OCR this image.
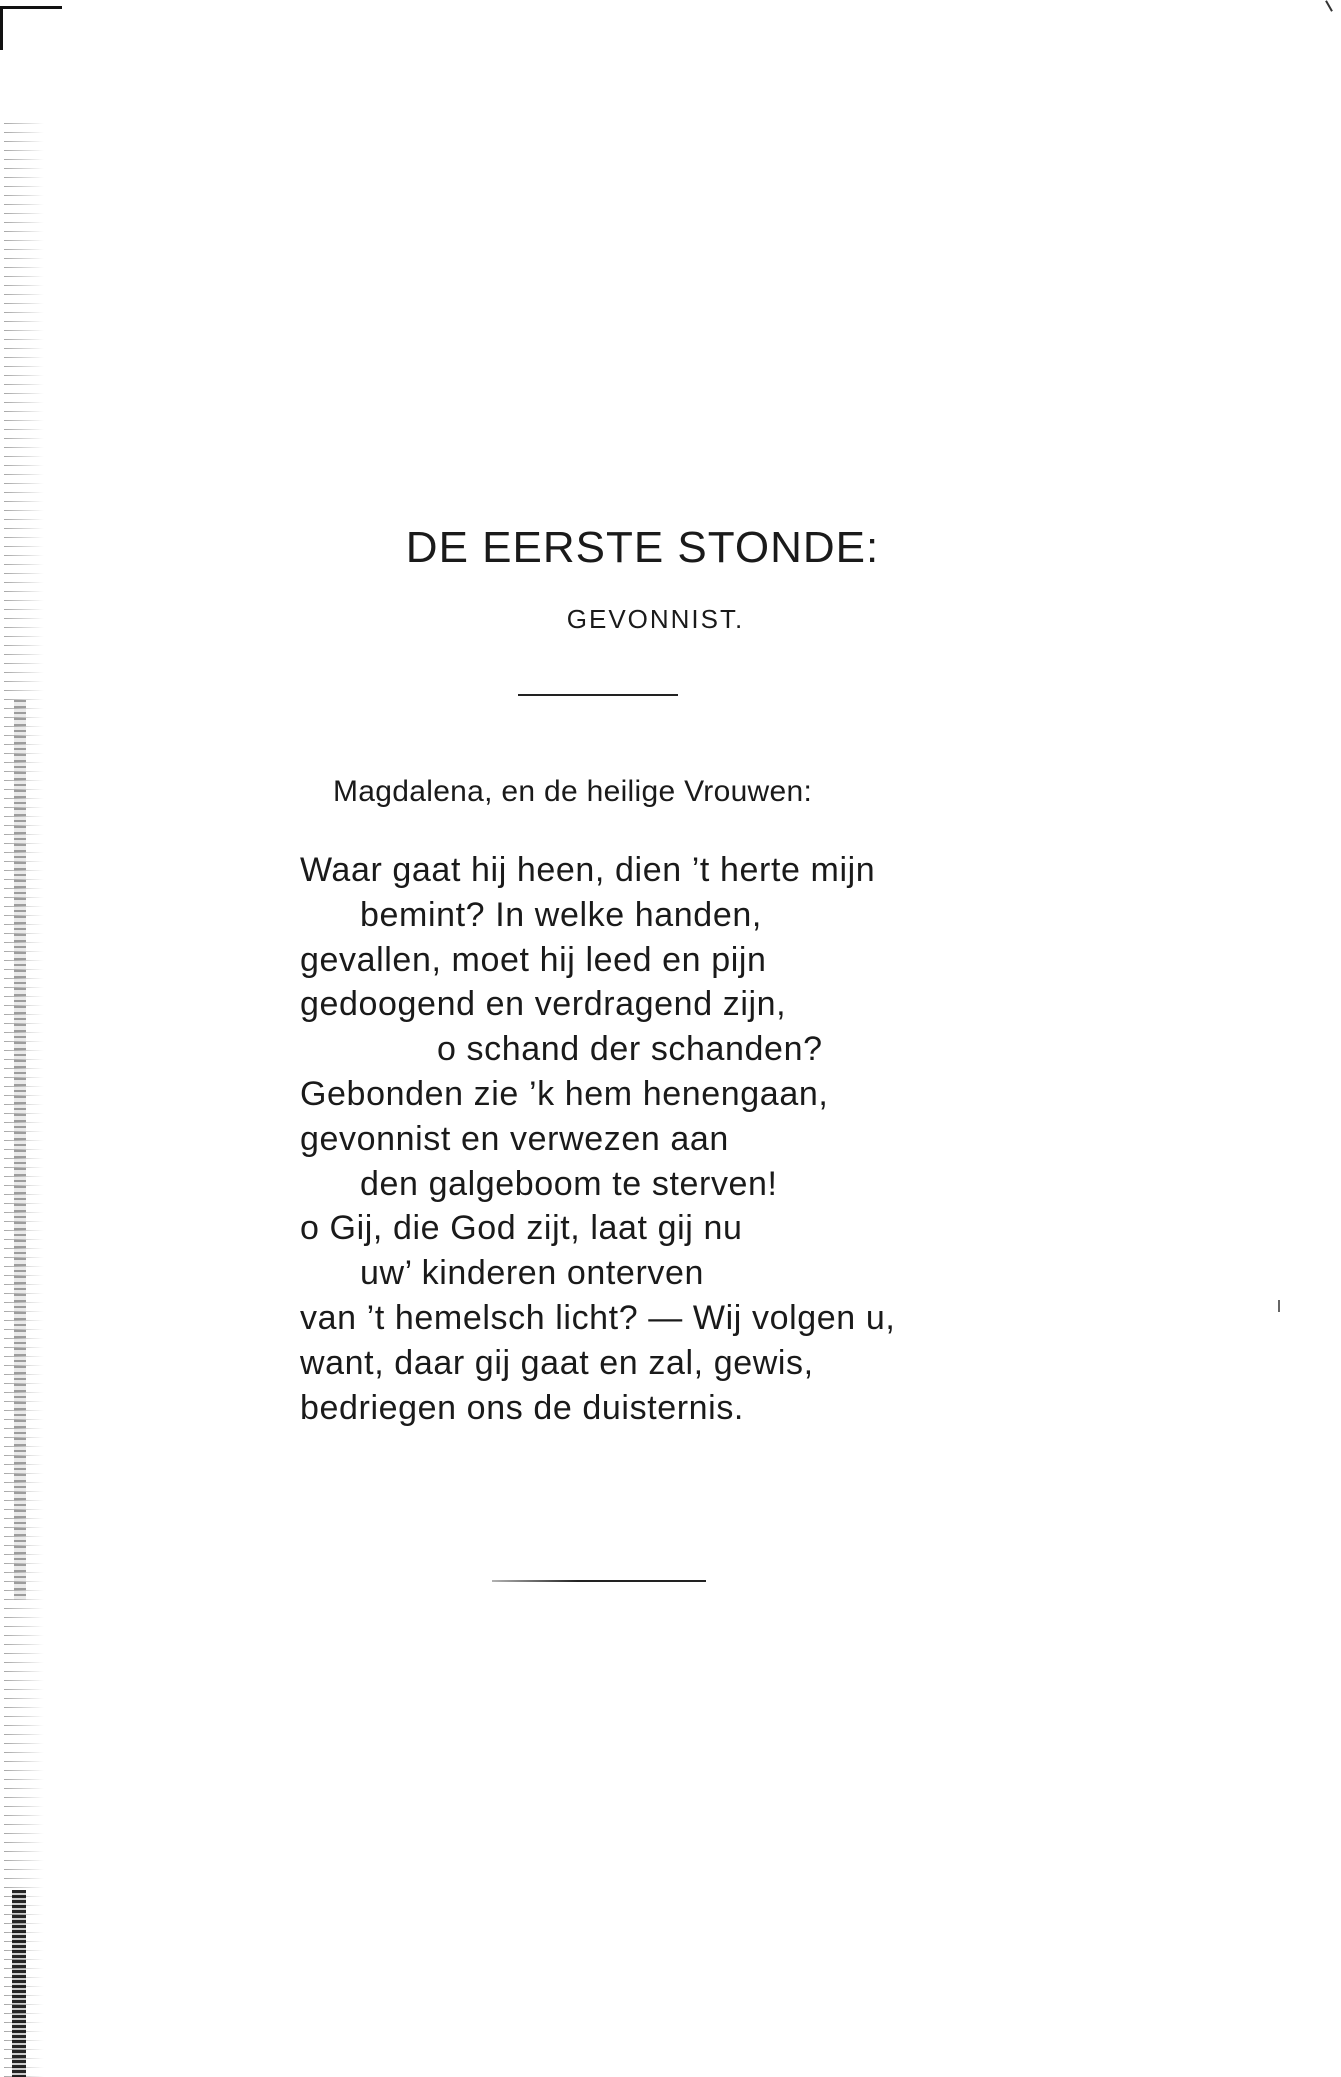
DE EERSTE STONDE:
GEVONNIST.
Magdalena, en de heilige Vrouwen:
Waar gaat hij heen, dien ’t herte mijn
bemint? In welke handen,
gevallen, moet hij leed en pijn
gedoogend en verdragend zijn,
o schand der schanden?
Gebonden zie ’k hem henengaan,
gevonnist en verwezen aan
den galgeboom te sterven!
o Gij, die God zijt, laat gij nu
uw’ kinderen onterven
van ’t hemelsch licht? — Wij volgen u,
want, daar gij gaat en zal, gewis,
bedriegen ons de duisternis.
